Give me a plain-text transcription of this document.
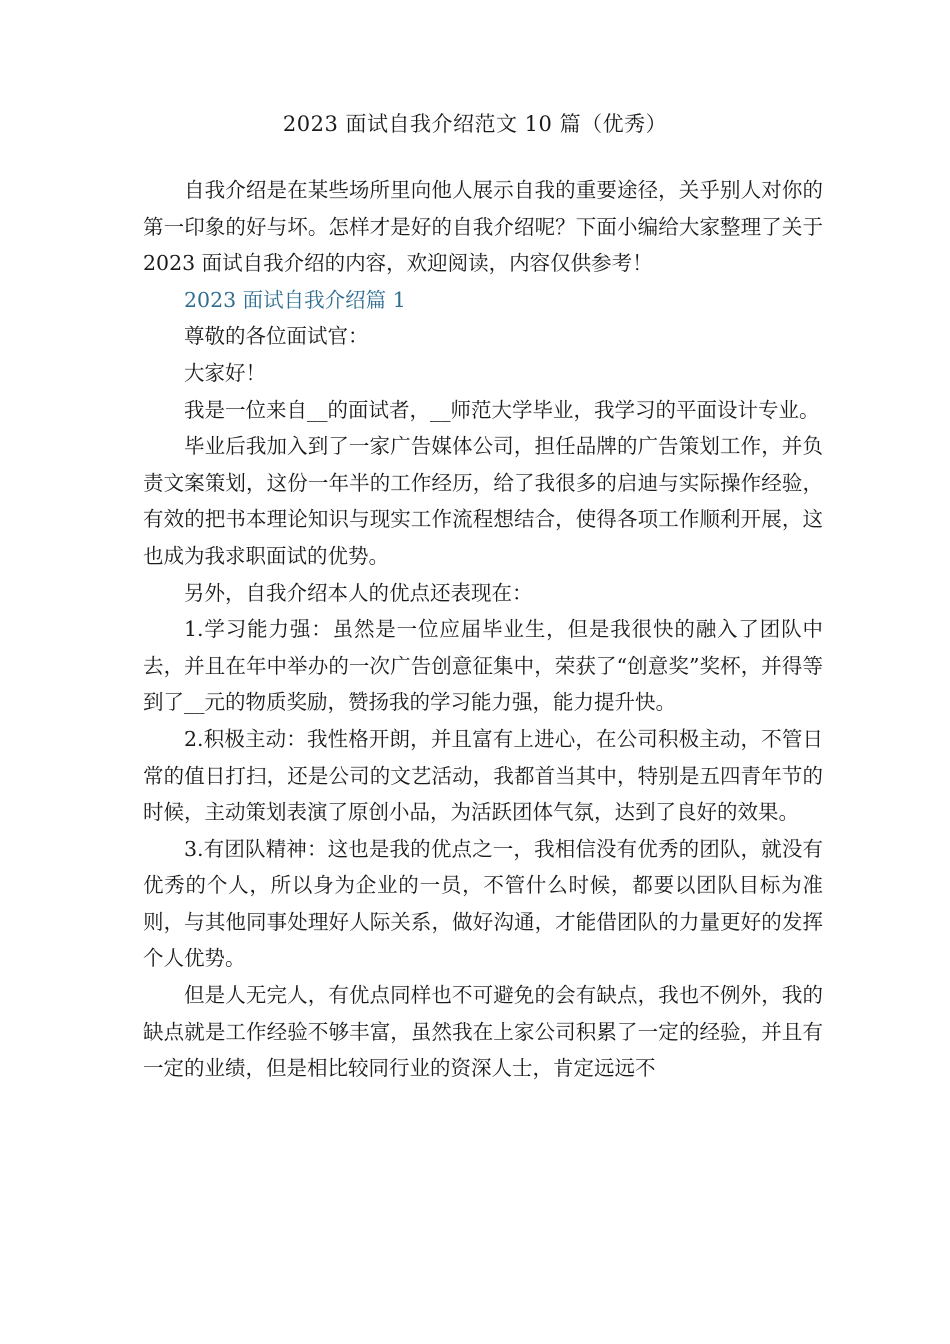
2023 面试自我介绍范文 10 篇（优秀）

自我介绍是在某些场所里向他人展示自我的重要途径，关乎别人对你的第一印象的好与坏。怎样才是好的自我介绍呢？下面小编给大家整理了关于 2023 面试自我介绍的内容，欢迎阅读，内容仅供参考！

2023 面试自我介绍篇 1

尊敬的各位面试官：

大家好！

我是一位来自__的面试者，__师范大学毕业，我学习的平面设计专业。

毕业后我加入到了一家广告媒体公司，担任品牌的广告策划工作，并负责文案策划，这份一年半的工作经历，给了我很多的启迪与实际操作经验，有效的把书本理论知识与现实工作流程想结合，使得各项工作顺利开展，这也成为我求职面试的优势。

另外，自我介绍本人的优点还表现在：

1.学习能力强：虽然是一位应届毕业生，但是我很快的融入了团队中去，并且在年中举办的一次广告创意征集中，荣获了“创意奖”奖杯，并得等到了__元的物质奖励，赞扬我的学习能力强，能力提升快。

2.积极主动：我性格开朗，并且富有上进心，在公司积极主动，不管日常的值日打扫，还是公司的文艺活动，我都首当其中，特别是五四青年节的时候，主动策划表演了原创小品，为活跃团体气氛，达到了良好的效果。

3.有团队精神：这也是我的优点之一，我相信没有优秀的团队，就没有优秀的个人，所以身为企业的一员，不管什么时候，都要以团队目标为准则，与其他同事处理好人际关系，做好沟通，才能借团队的力量更好的发挥个人优势。

但是人无完人，有优点同样也不可避免的会有缺点，我也不例外，我的缺点就是工作经验不够丰富，虽然我在上家公司积累了一定的经验，并且有一定的业绩，但是相比较同行业的资深人士，肯定远远不
